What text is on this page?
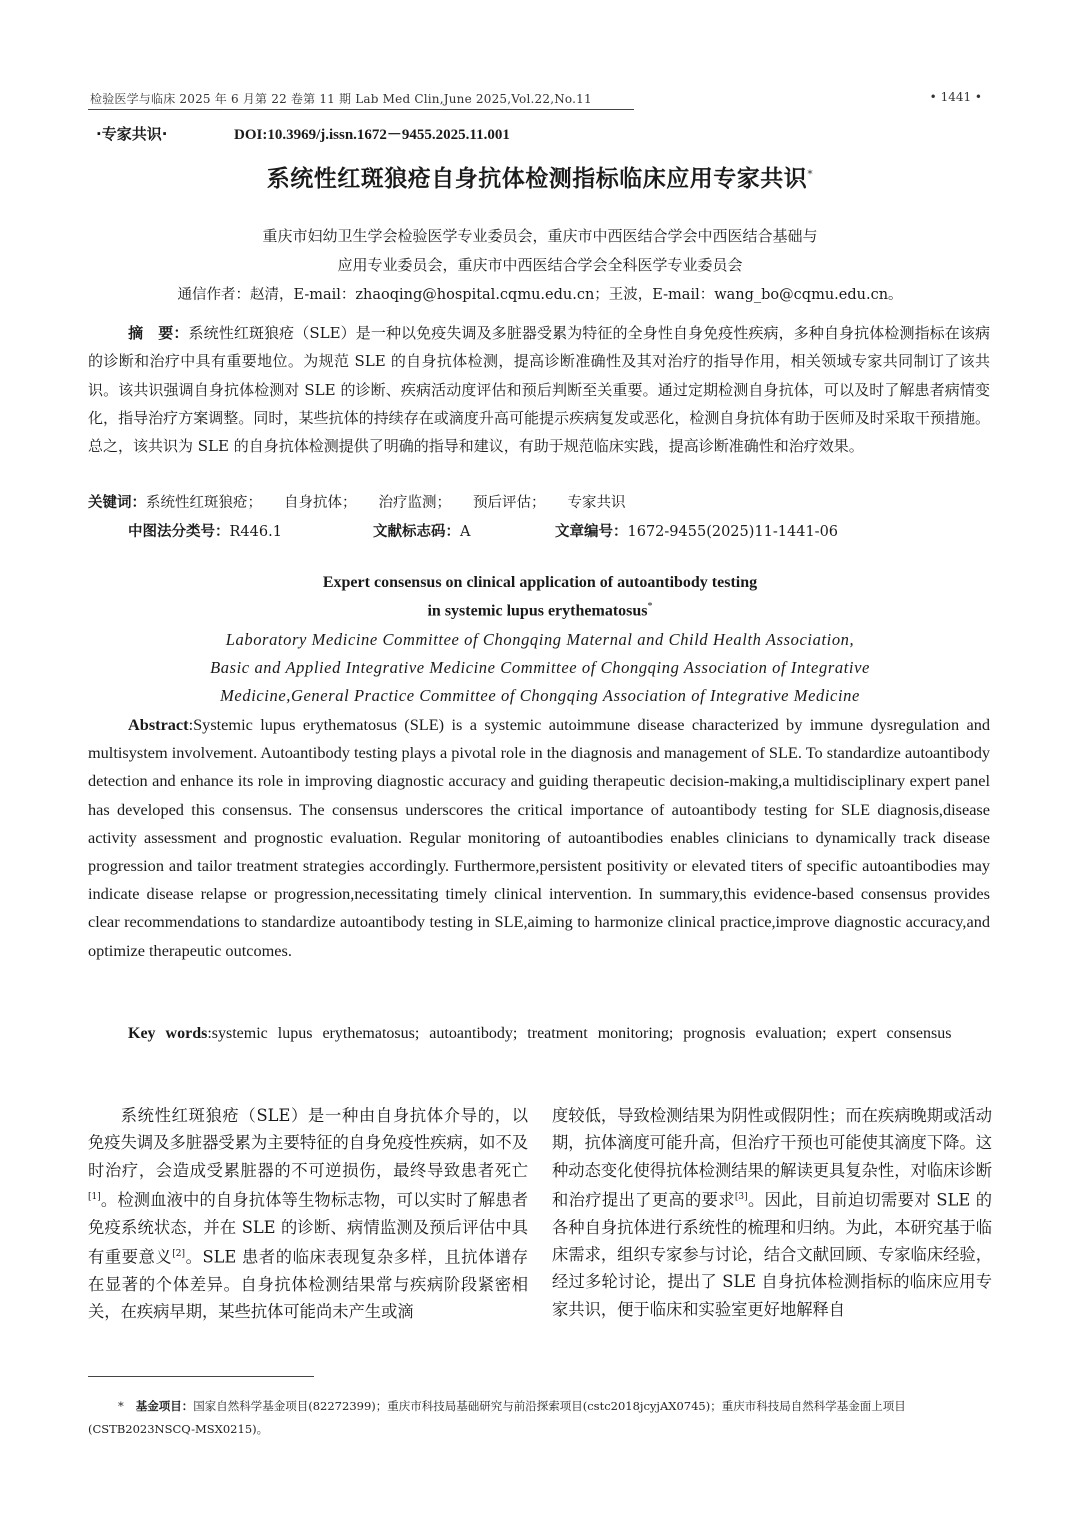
检验医学与临床 2025 年 6 月第 22 卷第 11 期 Lab Med Clin,June 2025,Vol.22,No.11	• 1441 •
·专家共识·	DOI:10.3969/j.issn.1672－9455.2025.11.001
系统性红斑狼疮自身抗体检测指标临床应用专家共识*
重庆市妇幼卫生学会检验医学专业委员会，重庆市中西医结合学会中西医结合基础与
应用专业委员会，重庆市中西医结合学会全科医学专业委员会
通信作者：赵清，E-mail：zhaoqing@hospital.cqmu.edu.cn；王波，E-mail：wang_bo@cqmu.edu.cn。
摘　要：系统性红斑狼疮（SLE）是一种以免疫失调及多脏器受累为特征的全身性自身免疫性疾病，多种自身抗体检测指标在该病的诊断和治疗中具有重要地位。为规范 SLE 的自身抗体检测，提高诊断准确性及其对治疗的指导作用，相关领域专家共同制订了该共识。该共识强调自身抗体检测对 SLE 的诊断、疾病活动度评估和预后判断至关重要。通过定期检测自身抗体，可以及时了解患者病情变化，指导治疗方案调整。同时，某些抗体的持续存在或滴度升高可能提示疾病复发或恶化，检测自身抗体有助于医师及时采取干预措施。总之，该共识为 SLE 的自身抗体检测提供了明确的指导和建议，有助于规范临床实践，提高诊断准确性和治疗效果。
关键词：系统性红斑狼疮； 自身抗体； 治疗监测； 预后评估； 专家共识
中图法分类号：R446.1	文献标志码：A	文章编号：1672-9455(2025)11-1441-06
Expert consensus on clinical application of autoantibody testing
in systemic lupus erythematosus*
Laboratory Medicine Committee of Chongqing Maternal and Child Health Association,
Basic and Applied Integrative Medicine Committee of Chongqing Association of Integrative
Medicine,General Practice Committee of Chongqing Association of Integrative Medicine
Abstract:Systemic lupus erythematosus (SLE) is a systemic autoimmune disease characterized by immune dysregulation and multisystem involvement. Autoantibody testing plays a pivotal role in the diagnosis and management of SLE. To standardize autoantibody detection and enhance its role in improving diagnostic accuracy and guiding therapeutic decision-making,a multidisciplinary expert panel has developed this consensus. The consensus underscores the critical importance of autoantibody testing for SLE diagnosis,disease activity assessment and prognostic evaluation. Regular monitoring of autoantibodies enables clinicians to dynamically track disease progression and tailor treatment strategies accordingly. Furthermore,persistent positivity or elevated titers of specific autoantibodies may indicate disease relapse or progression,necessitating timely clinical intervention. In summary,this evidence-based consensus provides clear recommendations to standardize autoantibody testing in SLE,aiming to harmonize clinical practice,improve diagnostic accuracy,and optimize therapeutic outcomes.
Key words:systemic lupus erythematosus; autoantibody; treatment monitoring; prognosis evaluation; expert consensus
系统性红斑狼疮（SLE）是一种由自身抗体介导的，以免疫失调及多脏器受累为主要特征的自身免疫性疾病，如不及时治疗，会造成受累脏器的不可逆损伤，最终导致患者死亡[1]。检测血液中的自身抗体等生物标志物，可以实时了解患者免疫系统状态，并在 SLE 的诊断、病情监测及预后评估中具有重要意义[2]。SLE 患者的临床表现复杂多样，且抗体谱存在显著的个体差异。自身抗体检测结果常与疾病阶段紧密相关，在疾病早期，某些抗体可能尚未产生或滴
度较低，导致检测结果为阴性或假阴性；而在疾病晚期或活动期，抗体滴度可能升高，但治疗干预也可能使其滴度下降。这种动态变化使得抗体检测结果的解读更具复杂性，对临床诊断和治疗提出了更高的要求[3]。因此，目前迫切需要对 SLE 的各种自身抗体进行系统性的梳理和归纳。为此，本研究基于临床需求，组织专家参与讨论，结合文献回顾、专家临床经验，经过多轮讨论，提出了 SLE 自身抗体检测指标的临床应用专家共识，便于临床和实验室更好地解释自
* 基金项目：国家自然科学基金项目(82272399)；重庆市科技局基础研究与前沿探索项目(cstc2018jcyjAX0745)；重庆市科技局自然科学基金面上项目(CSTB2023NSCQ-MSX0215)。
